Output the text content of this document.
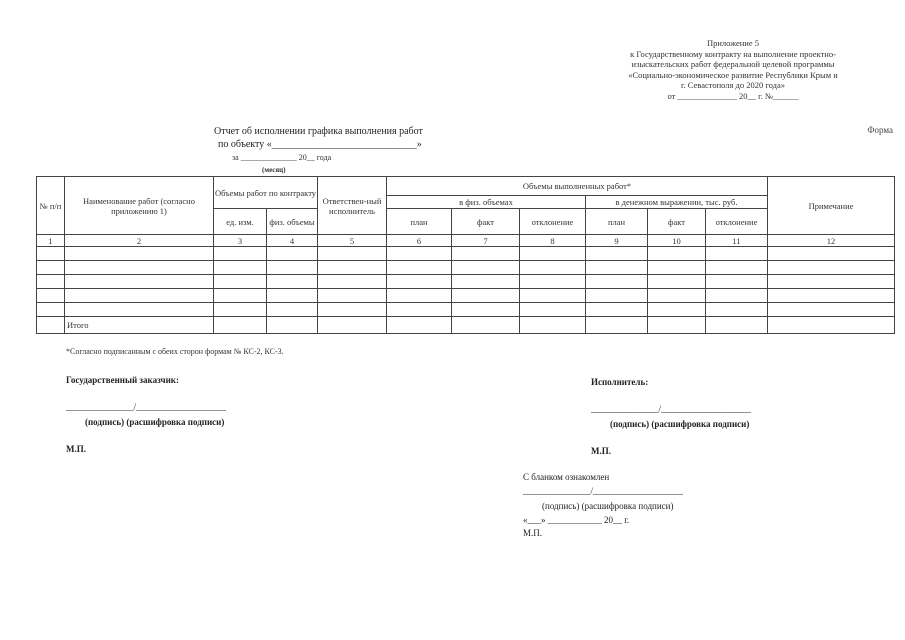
Приложение 5
к Государственному контракту на выполнение проектно-
изыскательских работ федеральной целевой программы
«Социально-экономическое развитие Республики Крым и
г. Севастополя до 2020 года»
от ______________ 20__ г. №______
Форма
Отчет об исполнении графика выполнения работ
по объекту «_____________________________»
за ______________ 20__ года
(месяц)
№ п/п	Наименование работ (согласно приложению 1)	Объемы работ по контракту		Ответствен-ный исполнитель	Объемы выполненных работ*						Примечание
					в физ. объемах			в денежном выражении, тыс. руб.			
		ед. изм.	физ. объемы		план	факт	отклонение	план	факт	отклонение	
1	2	3	4	5	6	7	8	9	10	11	12

	Итого										
*Согласно подписанным с обеих сторон формам № КС-2, КС-3.
Государственный заказчик:
_______________/____________________
(подпись) (расшифровка подписи)
М.П.
Исполнитель:
_______________/____________________
(подпись) (расшифровка подписи)
М.П.
С бланком ознакомлен
_______________/____________________
(подпись) (расшифровка подписи)
«___» ____________ 20__ г.
М.П.
